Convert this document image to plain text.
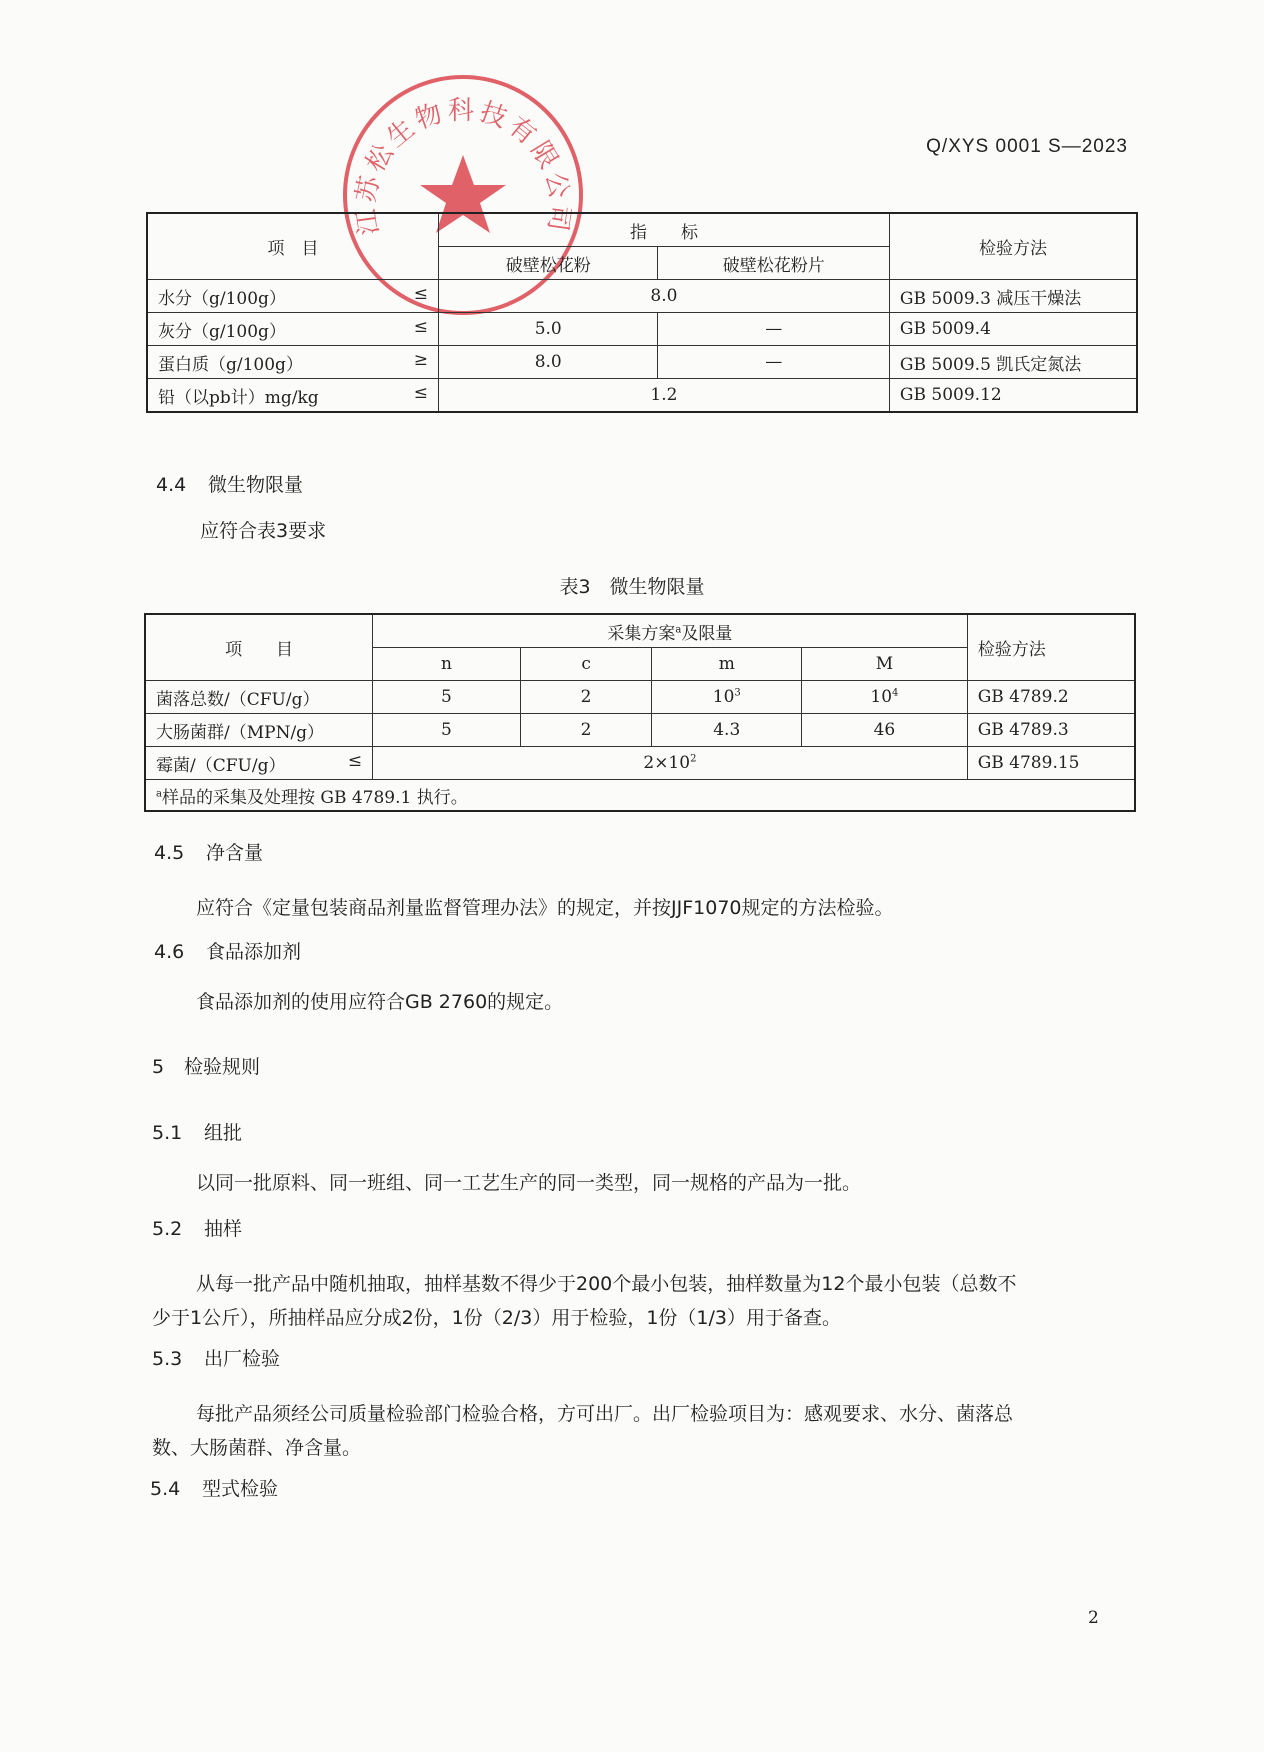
江苏松生物科技有限公司
Q/XYS 0001 S—2023
项　目	指　　标		检验方法
	破壁松花粉	破壁松花粉片	
水分（g/100g） ≤	8.0		GB 5009.3 减压干燥法
灰分（g/100g） ≤	5.0	—	GB 5009.4
蛋白质（g/100g） ≥	8.0	—	GB 5009.5 凯氏定氮法
铅（以pb计）mg/kg ≤	1.2		GB 5009.12
4.4 微生物限量
应符合表3要求
表3　微生物限量
项　　目	采集方案$^a$及限量				检验方法
	n	c	m	M	
菌落总数/（CFU/g）	5	2	$10^3$	$10^4$	GB 4789.2
大肠菌群/（MPN/g）	5	2	4.3	46	GB 4789.3
霉菌/（CFU/g） ≤	$2\times 10^2$				GB 4789.15
$^a$样品的采集及处理按 GB 4789.1 执行。					
4.5 净含量
应符合《定量包装商品剂量监督管理办法》的规定，并按JJF1070规定的方法检验。
4.6 食品添加剂
食品添加剂的使用应符合GB 2760的规定。
5 检验规则
5.1 组批
以同一批原料、同一班组、同一工艺生产的同一类型，同一规格的产品为一批。
5.2 抽样
从每一批产品中随机抽取，抽样基数不得少于200个最小包装，抽样数量为12个最小包装（总数不
少于1公斤），所抽样品应分成2份，1份（2/3）用于检验，1份（1/3）用于备查。
5.3 出厂检验
每批产品须经公司质量检验部门检验合格，方可出厂。出厂检验项目为：感观要求、水分、菌落总
数、大肠菌群、净含量。
5.4 型式检验
2
